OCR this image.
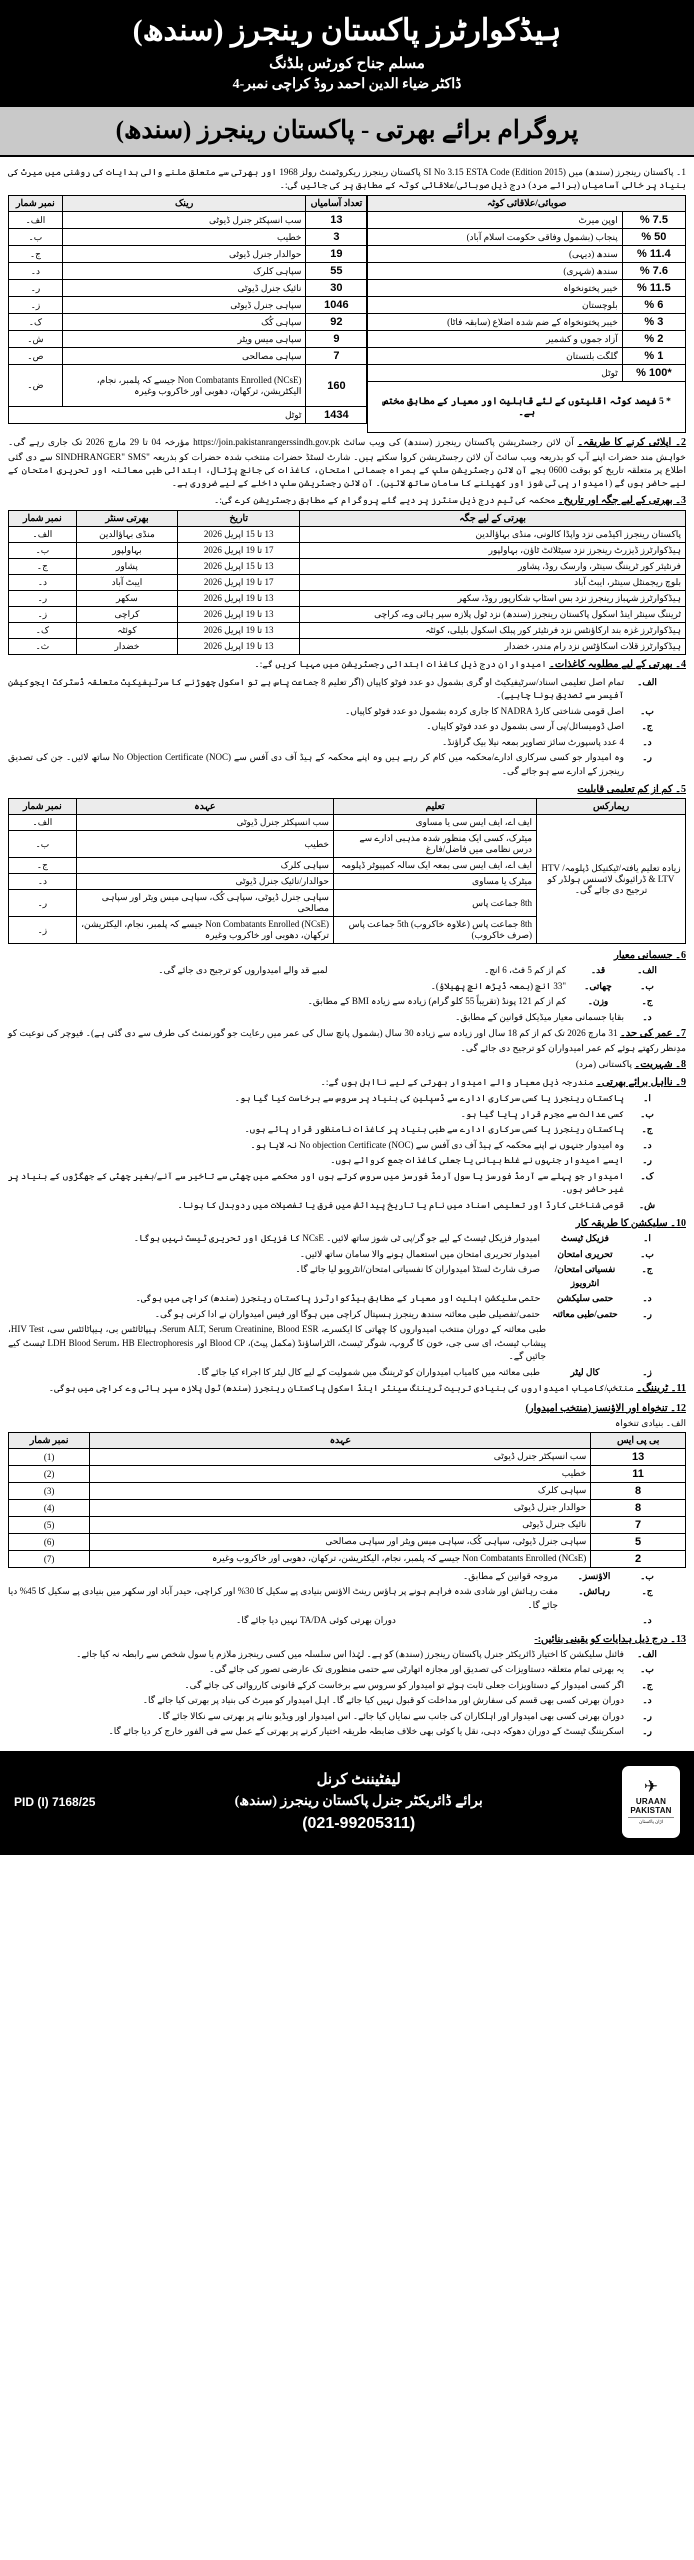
ہیڈکوارٹرز پاکستان رینجرز (سندھ)
مسلم جناح کورٹس بلڈنگ
ڈاکٹر ضیاء الدین احمد روڈ کراچی نمبر-4
پروگرام برائے بھرتی - پاکستان رینجرز (سندھ)
1۔ پاکستان رینجرز (سندھ) میں SI No 3.15 ESTA Code (Edition 2015) پاکستان رینجرز ریکروٹمنٹ رولز 1968 اور بھرتی سے متعلق ملنے والی ہدایات کی روشنی میں میرٹ کی بنیاد پر خالی آسامیاں (برائے مرد) درج ذیل صوبائی/علاقائی کوٹہ کے مطابق پر کی جائیں گی:۔
صوبائی/علاقائی کوٹہ	
7.5 %	اوپن میرٹ
50 %	پنجاب (بشمول وفاقی حکومت اسلام آباد)
11.4 %	سندھ (دیہی)
7.6 %	سندھ (شہری)
11.5 %	خیبر پختونخواہ
6 %	بلوچستان
3 %	خیبر پختونخواہ کے ضم شدہ اضلاع (سابقہ فاٹا)
2 %	آزاد جموں و کشمیر
1 %	گلگت بلتستان
*100 %	ٹوٹل
* 5 فیصد کوٹہ اقلیتوں کے لئے قابلیت اور معیار کے مطابق مختص ہے۔	
تعداد آسامیاں	رینک	نمبر شمار
13	سب انسپکٹر جنرل ڈیوٹی	الف۔
3	خطیب	ب۔
19	حوالدار جنرل ڈیوٹی	ج۔
55	سپاہی کلرک	د۔
30	نائیک جنرل ڈیوٹی	ر۔
1046	سپاہی جنرل ڈیوٹی	ز۔
92	سپاہی کُک	ک۔
9	سپاہی میس ویٹر	ش۔
7	سپاہی مصالحی	ص۔
160	Non Combatants Enrolled (NCsE) جیسے کہ پلمبر، نجام، الیکٹریشن، ترکھان، دھوبی اور خاکروب وغیرہ	ض۔
1434	ٹوٹل	
2۔ اپلائی کرنے کا طریقہ۔ آن لائن رجسٹریشن پاکستان رینجرز (سندھ) کی ویب سائٹ https://join.pakistanrangerssindh.gov.pk مؤرخہ 04 تا 29 مارچ 2026 تک جاری رہے گی۔ خواہش مند حضرات اپنے آپ کو بذریعہ ویب سائٹ آن لائن رجسٹریشن کروا سکتے ہیں۔ شارٹ لسٹڈ حضرات منتخب شدہ حضرات کو بذریعہ "SINDHRANGER" SMS سے دی گئی اطلاع پر متعلقہ تاریخ کو بوقت 0600 بجے آن لائن رجسٹریشن سلپ کے ہمراہ جسمانی امتحان، کاغذات کی جانچ پڑتال، ابتدائی طبی معائنہ اور تحریری امتحان کے لیے حاضر ہوں گے (امیدوار پی ٹی شوز اور کھیلنے کا سامان ساتھ لائیں)۔ آن لائن رجسٹریشن سلپ داخلے کے لیے ضروری ہے۔
3۔ بھرتی کے لیے جگہ اور تاریخ۔ محکمہ کی ٹیم درج ذیل سنٹرز پر دیے گئے پروگرام کے مطابق رجسٹریشن کرے گی:۔
بھرتی کے لیے جگہ	تاریخ	بھرتی سنٹر	نمبر شمار
پاکستان رینجرز اکیڈمی نزد واپڈا کالونی، منڈی بہاؤالدین	13 تا 15 اپریل 2026	منڈی بہاؤالدین	الف۔
ہیڈکوارٹرز ڈیزرٹ رینجرز نزد سیٹلائٹ ٹاؤن، بہاولپور	17 تا 19 اپریل 2026	بہاولپور	ب۔
فرنٹیئر کور ٹریننگ سینٹر، وارسک روڈ، پشاور	13 تا 15 اپریل 2026	پشاور	ج۔
بلوچ ریجمنٹل سینٹر، ایبٹ آباد	17 تا 19 اپریل 2026	ایبٹ آباد	د۔
ہیڈکوارٹرز شہباز رینجرز نزد بس اسٹاپ شکارپور روڈ، سکھر	13 تا 19 اپریل 2026	سکھر	ر۔
ٹریننگ سینٹر اینڈ اسکول پاکستان رینجرز (سندھ) نزد ٹول پلازہ سپر ہائی وے، کراچی	13 تا 19 اپریل 2026	کراچی	ز۔
ہیڈکوارٹرز غزہ بند ارکاؤنٹس نزد فرنٹیئر کور پبلک اسکول بلیلی، کوئٹہ	13 تا 19 اپریل 2026	کوئٹہ	ک۔
ہیڈکوارٹرز قلات اسکاؤٹس نزد رام مندر، خضدار	13 تا 19 اپریل 2026	خضدار	ث۔
4۔ بھرتی کے لیے مطلوبہ کاغذات۔ امیدواران درج ذیل کاغذات ابتدائی رجسٹریشن میں مہیا کریں گے:۔
الف۔
تمام اصل تعلیمی اسناد/سرٹیفیکیٹ او گری بشمول دو عدد فوٹو کاپیاں (اگر تعلیم 8 جماعت پاس ہے تو اسکول چھوڑنے کا سرٹیفیکیٹ متعلقہ ڈسٹرکٹ ایجوکیشن آفیسر سے تصدیق ہونا چاہیے)۔
ب۔
اصل قومی شناختی کارڈ NADRA کا جاری کردہ بشمول دو عدد فوٹو کاپیاں۔
ج۔
اصل ڈومیسائل/پی آر سی بشمول دو عدد فوٹو کاپیاں۔
د۔
4 عدد پاسپورٹ سائز تصاویر بمعہ نیلا بیک گراؤنڈ۔
ر۔
وہ امیدوار جو کسی سرکاری ادارے/محکمہ میں کام کر رہے ہیں وہ اپنے محکمہ کے ہیڈ آف دی آفس سے No Objection Certificate (NOC) ساتھ لائیں۔ جن کی تصدیق رینجرز کے ادارے سے ہو جائے گی۔
5۔ کم از کم تعلیمی قابلیت
ریمارکس	تعلیم	عہدہ	نمبر شمار
زیادہ تعلیم یافتہ/ٹیکنیکل ڈپلومہ/ HTV & LTV ڈرائیونگ لائسنس ہولڈر کو ترجیح دی جائے گی۔	ایف اے، ایف ایس سی یا مساوی	سب انسپکٹر جنرل ڈیوٹی	الف۔
	میٹرک، کسی ایک منظور شدہ مذہبی ادارے سے درس نظامی میں فاضل/فارغ	خطیب	ب۔
	ایف اے، ایف ایس سی بمعہ ایک سالہ کمپیوٹر ڈپلومہ	سپاہی کلرک	ج۔
	میٹرک یا مساوی	حوالدار/نائیک جنرل ڈیوٹی	د۔
	8th جماعت پاس	سپاہی جنرل ڈیوٹی، سپاہی کُک، سپاہی میس ویٹر اور سپاہی مصالحی	ر۔
	8th جماعت پاس (علاوہ خاکروب) 5th جماعت پاس (صرف خاکروب)	Non Combatants Enrolled (NCsE) جیسے کہ پلمبر، نجام، الیکٹریشن، ترکھان، دھوبی اور خاکروب وغیرہ	ز۔
6۔ جسمانی معیار
الف۔
قد۔
کم از کم 5 فٹ، 6 انچ۔
لمبے قد والے امیدواروں کو ترجیح دی جائے گی۔
ب۔
چھاتی۔
"33 انچ (بمعہ ڈیڑھ انچ پھیلاؤ)۔
ج۔
وزن۔
کم از کم 121 پونڈ (تقریباً 55 کلو گرام) زیادہ سے زیادہ BMI کے مطابق۔
د۔
بقایا جسمانی معیار میڈیکل قوانین کے مطابق۔
7۔ عمر کی حد۔ 31 مارچ 2026 تک کم از کم 18 سال اور زیادہ سے زیادہ 30 سال (بشمول پانچ سال کی عمر میں رعایت جو گورنمنٹ کی طرف سے دی گئی ہے)۔ فیوچر کی نوعیت کو مدِنظر رکھتے ہوئے کم عمر امیدواران کو ترجیح دی جائے گی۔
8۔ شہریت۔ پاکستانی (مرد)
9۔ نااہل برائے بھرتی۔ مندرجہ ذیل معیار والے امیدوار بھرتی کے لیے نااہل ہوں گے:۔
ا۔
پاکستان رینجرز یا کسی سرکاری ادارے سے ڈسپلین کی بنیاد پر سروس سے برخاست کیا گیا ہو۔
ب۔
کسی عدالت سے مجرم قرار پایا گیا ہو۔
ج۔
پاکستان رینجرز یا کسی سرکاری ادارے سے طبی بنیاد پر کاغذات نامنظور قرار پائے ہوں۔
د۔
وہ امیدوار جنہوں نے اپنے محکمہ کے ہیڈ آف دی آفس سے No objection Certificate (NOC) نہ لایا ہو۔
ر۔
ایسے امیدوار جنہوں نے غلط بیانی یا جعلی کاغذات جمع کروائے ہوں۔
ک۔
امیدوار جو پہلے سے آرمڈ فورسز یا سول آرمڈ فورسز میں سروس کرتے ہوں اور محکمے میں چھٹی سے تاخیر سے آنے/بغیر چھٹی کے جھگڑوں کے بنیاد پر غیر حاضر ہوں۔
ش۔
قومی شناختی کارڈ اور تعلیمی اسناد میں نام یا تاریخ پیدائش میں فرق یا تفصیلات میں ردوبدل کا ہونا۔
10۔ سلیکشن کا طریقہ کار
ا۔
فزیکل ٹیسٹ
امیدوار فزیکل ٹیسٹ کے لیے جو گر/پی ٹی شوز ساتھ لائیں۔ NCsE کا فزیکل اور تحریری ٹیسٹ نہیں ہوگا۔
ب۔
تحریری امتحان
امیدوار تحریری امتحان میں استعمال ہونے والا سامان ساتھ لائیں۔
ج۔
نفسیاتی امتحان/انٹرویوز
صرف شارٹ لسٹڈ امیدواران کا نفسیاتی امتحان/انٹرویو لیا جائے گا۔
د۔
حتمی سلیکشن
حتمی سلیکشن اہلیت اور معیار کے مطابق ہیڈکوارٹرز پاکستان رینجرز (سندھ) کراچی میں ہوگی۔
ر۔
حتمی/طبی معائنہ
حتمی/تفصیلی طبی معائنہ سندھ رینجرز ہسپتال کراچی میں ہوگا اور فیس امیدواران نے ادا کرنی ہو گی۔
طبی معائنہ کے دوران منتخب امیدواروں کا چھاتی کا ایکسرے، Serum ALT, Serum Creatinine, Blood ESR، ہیپاٹائٹس بی، ہیپاٹائٹس سی، HIV Test، پیشاب ٹیسٹ، ای سی جی، خون کا گروپ، شوگر ٹیسٹ، الٹراساؤنڈ (مکمل پیٹ)، Blood CP اور LDH Blood Serum، HB Electrophoresis ٹیسٹ کیے جائیں گے۔
ز۔
کال لیٹر
طبی معائنہ میں کامیاب امیدواران کو ٹریننگ میں شمولیت کے لیے کال لیٹر کا اجراء کیا جائے گا۔
11۔ ٹریننگ۔ منتخب/کامیاب امیدواروں کی بنیادی تربیت ٹریننگ سینٹر اینڈ اسکول پاکستان رینجرز (سندھ) ٹول پلازہ سپر ہائی وے کراچی میں ہوگی۔
12۔ تنخواہ اور الاؤنسز (منتخب امیدوار)
الف۔ بنیادی تنخواہ
بی پی ایس	عہدہ	نمبر شمار
13	سب انسپکٹر جنرل ڈیوٹی	(1)
11	خطیب	(2)
8	سپاہی کلرک	(3)
8	حوالدار جنرل ڈیوٹی	(4)
7	نائیک جنرل ڈیوٹی	(5)
5	سپاہی جنرل ڈیوٹی، سپاہی کُک، سپاہی میس ویٹر اور سپاہی مصالحی	(6)
2	Non Combatants Enrolled (NCsE) جیسے کہ پلمبر، نجام، الیکٹریشن، ترکھان، دھوبی اور خاکروب وغیرہ	(7)
ب۔
الاؤنسز۔
مروجہ قوانین کے مطابق۔
ج۔
رہائش۔
مفت رہائش اور شادی شدہ فراہم ہونے پر ہاؤس رینٹ الاؤنس بنیادی پے سکیل کا 30% اور کراچی، حیدر آباد اور سکھر میں بنیادی پے سکیل کا 45% دیا جائے گا۔
د۔
دوران بھرتی کوئی TA/DA نہیں دیا جائے گا۔
13۔ درج ذیل ہدایات کو یقینی بنائیں:-
الف۔
فائنل سلیکشن کا اختیار ڈائریکٹر جنرل پاکستان رینجرز (سندھ) کو ہے۔ لہٰذا اس سلسلہ میں کسی رینجرز ملازم یا سول شخص سے رابطہ نہ کیا جائے۔
ب۔
یہ بھرتی تمام متعلقہ دستاویزات کی تصدیق اور مجازہ اتھارٹی سے حتمی منظوری تک عارضی تصور کی جائے گی۔
ج۔
اگر کسی امیدوار کے دستاویزات جعلی ثابت ہوئے تو امیدوار کو سروس سے برخاست کرکے قانونی کارروائی کی جائے گی۔
د۔
دوران بھرتی کسی بھی قسم کی سفارش اور مداخلت کو قبول نہیں کیا جائے گا۔ اہل امیدوار کو میرٹ کی بنیاد پر بھرتی کیا جائے گا۔
ر۔
دوران بھرتی کسی بھی امیدوار اور اہلکاران کی جانب سے نمایاں کیا جائے۔ اس امیدوار اور ویڈیو بنانے پر بھرتی سے نکالا جائے گا۔
ر۔
اسکریننگ ٹیسٹ کے دوران دھوکہ دہی، نقل یا کوئی بھی خلاف ضابطہ طریقہ اختیار کرنے پر بھرتی کے عمل سے فی الفور خارج کر دیا جائے گا۔
✈
URAAN
PAKISTAN
اڑان پاکستان
لیفٹیننٹ کرنل
برائے ڈائریکٹر جنرل پاکستان رینجرز (سندھ)
(021-99205311)
PID (I) 7168/25
